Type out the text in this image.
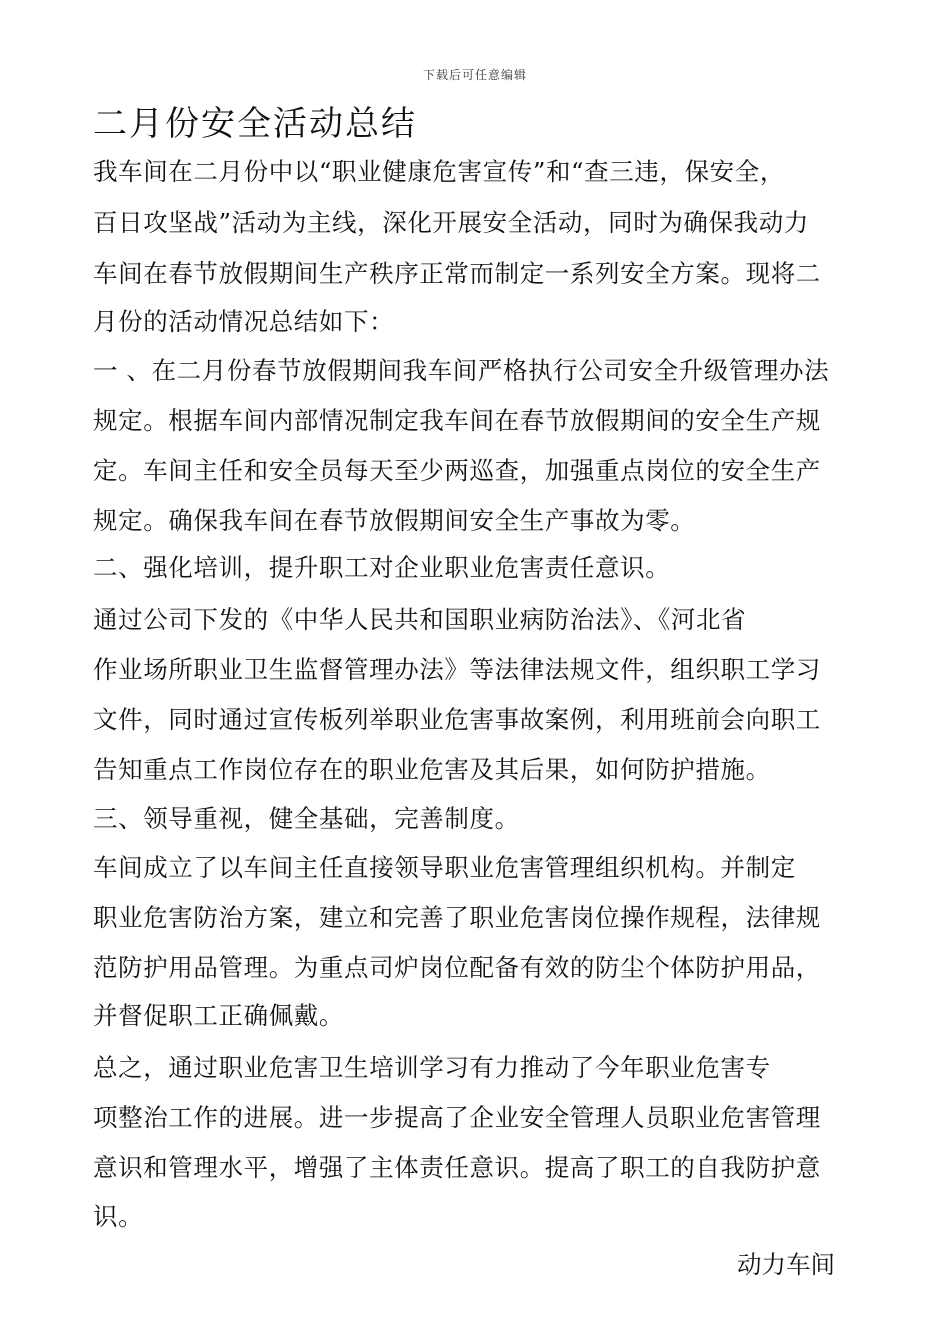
下载后可任意编辑
二月份安全活动总结
我车间在二月份中以“职业健康危害宣传”和“查三违，保安全，
百日攻坚战”活动为主线，深化开展安全活动，同时为确保我动力
车间在春节放假期间生产秩序正常而制定一系列安全方案。现将二
月份的活动情况总结如下：
一 、在二月份春节放假期间我车间严格执行公司安全升级管理办法
规定。根据车间内部情况制定我车间在春节放假期间的安全生产规
定。车间主任和安全员每天至少两巡查，加强重点岗位的安全生产
规定。确保我车间在春节放假期间安全生产事故为零。
二、强化培训，提升职工对企业职业危害责任意识。
通过公司下发的《中华人民共和国职业病防治法》、《河北省
作业场所职业卫生监督管理办法》等法律法规文件，组织职工学习
文件，同时通过宣传板列举职业危害事故案例，利用班前会向职工
告知重点工作岗位存在的职业危害及其后果，如何防护措施。
三、领导重视，健全基础，完善制度。
车间成立了以车间主任直接领导职业危害管理组织机构。并制定
职业危害防治方案，建立和完善了职业危害岗位操作规程，法律规
范防护用品管理。为重点司炉岗位配备有效的防尘个体防护用品，
并督促职工正确佩戴。
总之，通过职业危害卫生培训学习有力推动了今年职业危害专
项整治工作的进展。进一步提高了企业安全管理人员职业危害管理
意识和管理水平，增强了主体责任意识。提高了职工的自我防护意
识。
动力车间
